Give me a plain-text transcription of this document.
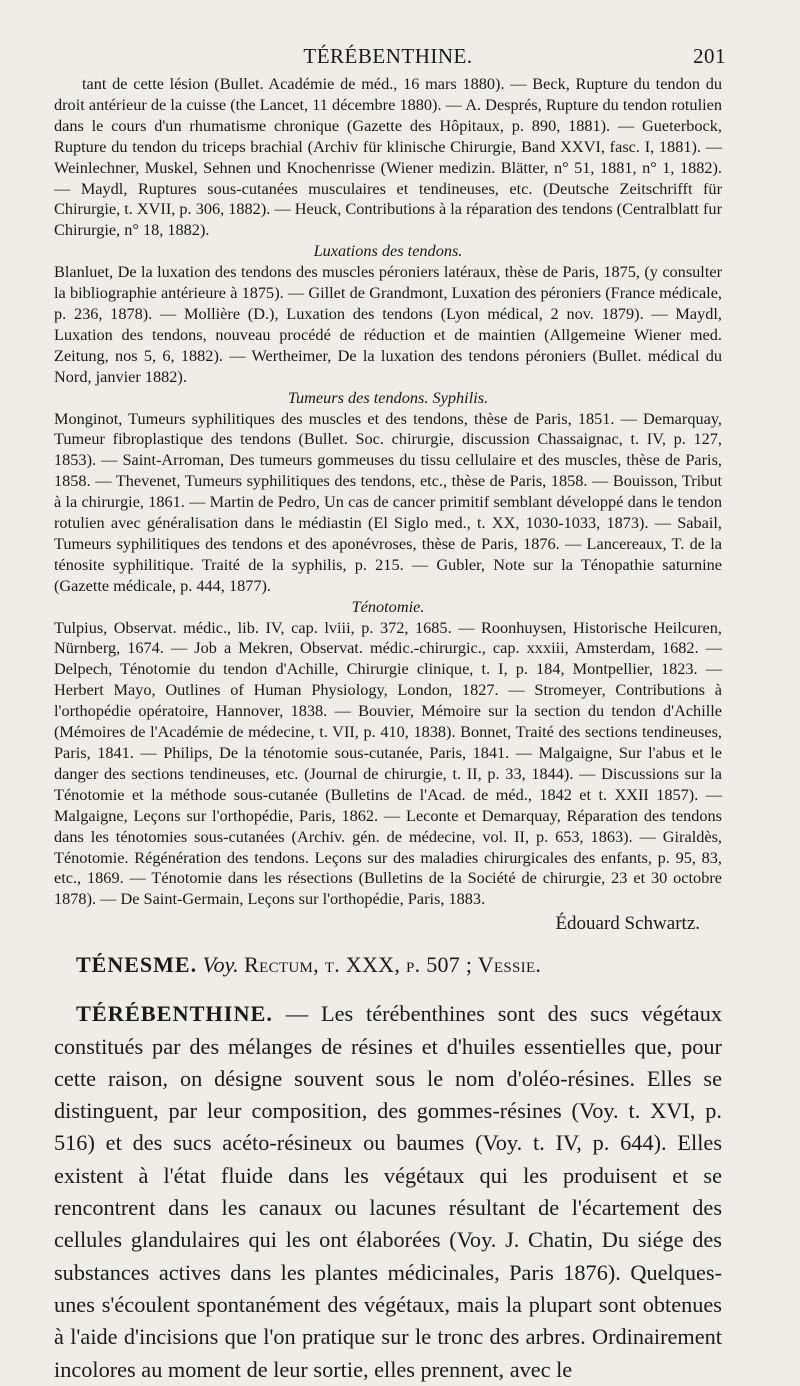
TÉRÉBENTHINE.	201

tant de cette lésion (Bullet. Académie de méd., 16 mars 1880). — Beck, Rupture du tendon du droit antérieur de la cuisse (the Lancet, 11 décembre 1880). — A. Després, Rupture du tendon rotulien dans le cours d'un rhumatisme chronique (Gazette des Hôpitaux, p. 890, 1881). — Gueterbock, Rupture du tendon du triceps brachial (Archiv für klinische Chirurgie, Band XXVI, fasc. I, 1881). — Weinlechner, Muskel, Sehnen und Knochenrisse (Wiener medizin. Blätter, n° 51, 1881, n° 1, 1882). — Maydl, Ruptures sous-cutanées musculaires et tendineuses, etc. (Deutsche Zeitschrifft für Chirurgie, t. XVII, p. 306, 1882). — Heuck, Contributions à la réparation des tendons (Centralblatt fur Chirurgie, n° 18, 1882).

Luxations des tendons.

Blanluet, De la luxation des tendons des muscles péroniers latéraux, thèse de Paris, 1875, (y consulter la bibliographie antérieure à 1875). — Gillet de Grandmont, Luxation des péroniers (France médicale, p. 236, 1878). — Mollière (D.), Luxation des tendons (Lyon médical, 2 nov. 1879). — Maydl, Luxation des tendons, nouveau procédé de réduction et de maintien (Allgemeine Wiener med. Zeitung, nos 5, 6, 1882). — Wertheimer, De la luxation des tendons péroniers (Bullet. médical du Nord, janvier 1882).

Tumeurs des tendons. Syphilis.

Monginot, Tumeurs syphilitiques des muscles et des tendons, thèse de Paris, 1851. — Demarquay, Tumeur fibroplastique des tendons (Bullet. Soc. chirurgie, discussion Chassaignac, t. IV, p. 127, 1853). — Saint-Arroman, Des tumeurs gommeuses du tissu cellulaire et des muscles, thèse de Paris, 1858. — Thevenet, Tumeurs syphilitiques des tendons, etc., thèse de Paris, 1858. — Bouisson, Tribut à la chirurgie, 1861. — Martin de Pedro, Un cas de cancer primitif semblant développé dans le tendon rotulien avec généralisation dans le médiastin (El Siglo med., t. XX, 1030-1033, 1873). — Sabail, Tumeurs syphilitiques des tendons et des aponévroses, thèse de Paris, 1876. — Lancereaux, T. de la ténosite syphilitique. Traité de la syphilis, p. 215. — Gubler, Note sur la Ténopathie saturnine (Gazette médicale, p. 444, 1877).

Ténotomie.

Tulpius, Observat. médic., lib. IV, cap. lviii, p. 372, 1685. — Roonhuysen, Historische Heilcuren, Nürnberg, 1674. — Job a Mekren, Observat. médic.-chirurgic., cap. xxxiii, Amsterdam, 1682. — Delpech, Ténotomie du tendon d'Achille, Chirurgie clinique, t. I, p. 184, Montpellier, 1823. — Herbert Mayo, Outlines of Human Physiology, London, 1827. — Stromeyer, Contributions à l'orthopédie opératoire, Hannover, 1838. — Bouvier, Mémoire sur la section du tendon d'Achille (Mémoires de l'Académie de médecine, t. VII, p. 410, 1838). Bonnet, Traité des sections tendineuses, Paris, 1841. — Philips, De la ténotomie sous-cutanée, Paris, 1841. — Malgaigne, Sur l'abus et le danger des sections tendineuses, etc. (Journal de chirurgie, t. II, p. 33, 1844). — Discussions sur la Ténotomie et la méthode sous-cutanée (Bulletins de l'Acad. de méd., 1842 et t. XXII 1857). — Malgaigne, Leçons sur l'orthopédie, Paris, 1862. — Leconte et Demarquay, Réparation des tendons dans les ténotomies sous-cutanées (Archiv. gén. de médecine, vol. II, p. 653, 1863). — Giraldès, Ténotomie. Régénération des tendons. Leçons sur des maladies chirurgicales des enfants, p. 95, 83, etc., 1869. — Ténotomie dans les résections (Bulletins de la Société de chirurgie, 23 et 30 octobre 1878). — De Saint-Germain, Leçons sur l'orthopédie, Paris, 1883.

Édouard Schwartz.
TÉNESME. Voy. Rectum, t. XXX, p. 507 ; Vessie.

TÉRÉBENTHINE. — Les térébenthines sont des sucs végétaux constitués par des mélanges de résines et d'huiles essentielles que, pour cette raison, on désigne souvent sous le nom d'oléo-résines. Elles se distinguent, par leur composition, des gommes-résines (Voy. t. XVI, p. 516) et des sucs acéto-résineux ou baumes (Voy. t. IV, p. 644). Elles existent à l'état fluide dans les végétaux qui les produisent et se rencontrent dans les canaux ou lacunes résultant de l'écartement des cellules glandulaires qui les ont élaborées (Voy. J. Chatin, Du siége des substances actives dans les plantes médicinales, Paris 1876). Quelques-unes s'écoulent spontanément des végétaux, mais la plupart sont obtenues à l'aide d'incisions que l'on pratique sur le tronc des arbres. Ordinairement incolores au moment de leur sortie, elles prennent, avec le
